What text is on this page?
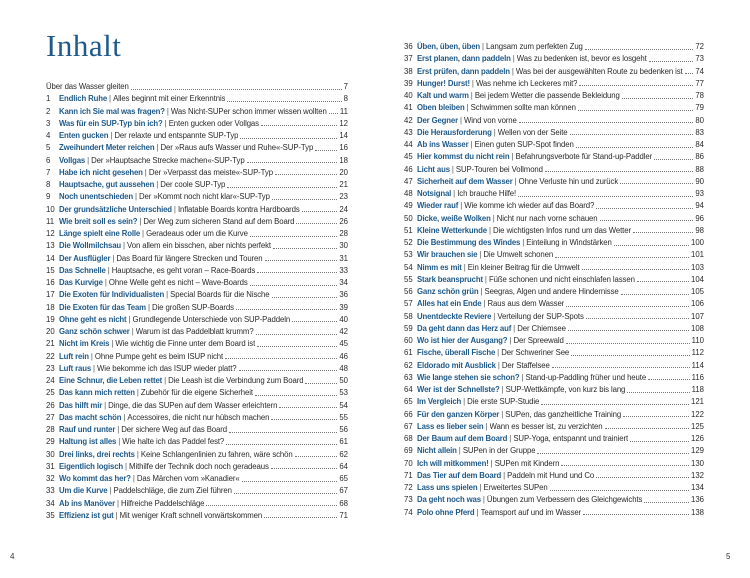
Inhalt
Über das Wasser gleiten	7
1	Endlich Ruhe | Alles beginnt mit einer Erkenntnis	8
2	Kann ich Sie mal was fragen? | Was Nicht-SUPer schon immer wissen wollten 11
3	Was für ein SUP-Typ bin ich? | Enten gucken oder Vollgas	12
4	Enten gucken | Der relaxte und entspannte SUP-Typ	14
5	Zweihundert Meter reichen | Der »Raus aufs Wasser und Ruhe«-SUP-Typ	16
6	Vollgas | Der »Hauptsache Strecke machen«-SUP-Typ	18
7	Habe ich nicht gesehen | Der »Verpasst das meiste«-SUP-Typ	20
8	Hauptsache, gut aussehen | Der coole SUP-Typ	21
9	Noch unentschieden | Der »Kommt noch nicht klar«-SUP-Typ	23
10 Der grundsätzliche Unterschied | Inflatable Boards kontra Hardboards	24
11 Wie breit soll es sein? | Der Weg zum sicheren Stand auf dem Board	26
12 Länge spielt eine Rolle | Geradeaus oder um die Kurve	28
13 Die Wollmilchsau | Von allem ein bisschen, aber nichts perfekt	30
14 Der Ausflügler | Das Board für längere Strecken und Touren	31
15 Das Schnelle | Hauptsache, es geht voran – Race-Boards	33
16 Das Kurvige | Ohne Welle geht es nicht – Wave-Boards	34
17 Die Exoten für Individualisten | Special Boards für die Nische	36
18 Die Exoten für das Team | Die großen SUP-Boards	39
19 Ohne geht es nicht | Grundlegende Unterschiede von SUP-Paddeln	40
20 Ganz schön schwer | Warum ist das Paddelblatt krumm?	42
21 Nicht im Kreis | Wie wichtig die Finne unter dem Board ist	45
22 Luft rein | Ohne Pumpe geht es beim ISUP nicht	46
23 Luft raus | Wie bekomme ich das ISUP wieder platt?	48
24 Eine Schnur, die Leben rettet | Die Leash ist die Verbindung zum Board	50
25 Das kann mich retten | Zubehör für die eigene Sicherheit	53
26 Das hilft mir | Dinge, die das SUPen auf dem Wasser erleichtern	54
27 Das macht schön | Accessoires, die nicht nur hübsch machen	55
28 Rauf und runter | Der sichere Weg auf das Board	56
29 Haltung ist alles | Wie halte ich das Paddel fest?	61
30 Drei links, drei rechts | Keine Schlangenlinien zu fahren, wäre schön	62
31 Eigentlich logisch | Mithilfe der Technik doch noch geradeaus	64
32 Wo kommt das her? | Das Märchen vom »Kanadier«	65
33 Um die Kurve | Paddelschläge, die zum Ziel führen	67
34 Ab ins Manöver | Hilfreiche Paddelschläge	68
35 Effizienz ist gut | Mit weniger Kraft schnell vorwärtskommen	71
36 Üben, üben, üben | Langsam zum perfekten Zug	72
37 Erst planen, dann paddeln | Was zu bedenken ist, bevor es losgeht	73
38 Erst prüfen, dann paddeln | Was bei der ausgewählten Route zu bedenken ist 74
39 Hunger! Durst! | Was nehme ich Leckeres mit?	77
40 Kalt und warm | Bei jedem Wetter die passende Bekleidung	78
41 Oben bleiben | Schwimmen sollte man können	79
42 Der Gegner | Wind von vorne	80
43 Die Herausforderung | Wellen von der Seite	83
44 Ab ins Wasser | Einen guten SUP-Spot finden	84
45 Hier kommst du nicht rein | Befahrungsverbote für Stand-up-Paddler	86
46 Licht aus | SUP-Touren bei Vollmond	88
47 Sicherheit auf dem Wasser | Ohne Verluste hin und zurück	90
48 Notsignal | Ich brauche Hilfe!	93
49 Wieder rauf | Wie komme ich wieder auf das Board?	94
50 Dicke, weiße Wolken | Nicht nur nach vorne schauen	96
51 Kleine Wetterkunde | Die wichtigsten Infos rund um das Wetter	98
52 Die Bestimmung des Windes | Einteilung in Windstärken	100
53 Wir brauchen sie | Die Umwelt schonen	101
54 Nimm es mit | Ein kleiner Beitrag für die Umwelt	103
55 Stark beansprucht | Füße schonen und nicht einschlafen lassen	104
56 Ganz schön grün | Seegras, Algen und andere Hindernisse	105
57 Alles hat ein Ende | Raus aus dem Wasser	106
58 Unentdeckte Reviere | Verteilung der SUP-Spots	107
59 Da geht dann das Herz auf | Der Chiemsee	108
60 Wo ist hier der Ausgang? | Der Spreewald	110
61 Fische, überall Fische | Der Schweriner See	112
62 Eldorado mit Ausblick | Der Staffelsee	114
63 Wie lange stehen sie schon? | Stand-up-Paddling früher und heute	116
64 Wer ist der Schnellste? | SUP-Wettkämpfe, von kurz bis lang	118
65 Im Vergleich | Die erste SUP-Studie	121
66 Für den ganzen Körper | SUPen, das ganzheitliche Training	122
67 Lass es lieber sein | Wann es besser ist, zu verzichten	125
68 Der Baum auf dem Board | SUP-Yoga, entspannt und trainiert	126
69 Nicht allein | SUPen in der Gruppe	129
70 Ich will mitkommen! | SUPen mit Kindern	130
71 Das Tier auf dem Board | Paddeln mit Hund und Co	132
72 Lass uns spielen | Erweitertes SUPen	134
73 Da geht noch was | Übungen zum Verbessern des Gleichgewichts	136
74 Polo ohne Pferd | Teamsport auf und im Wasser	138
4	5
